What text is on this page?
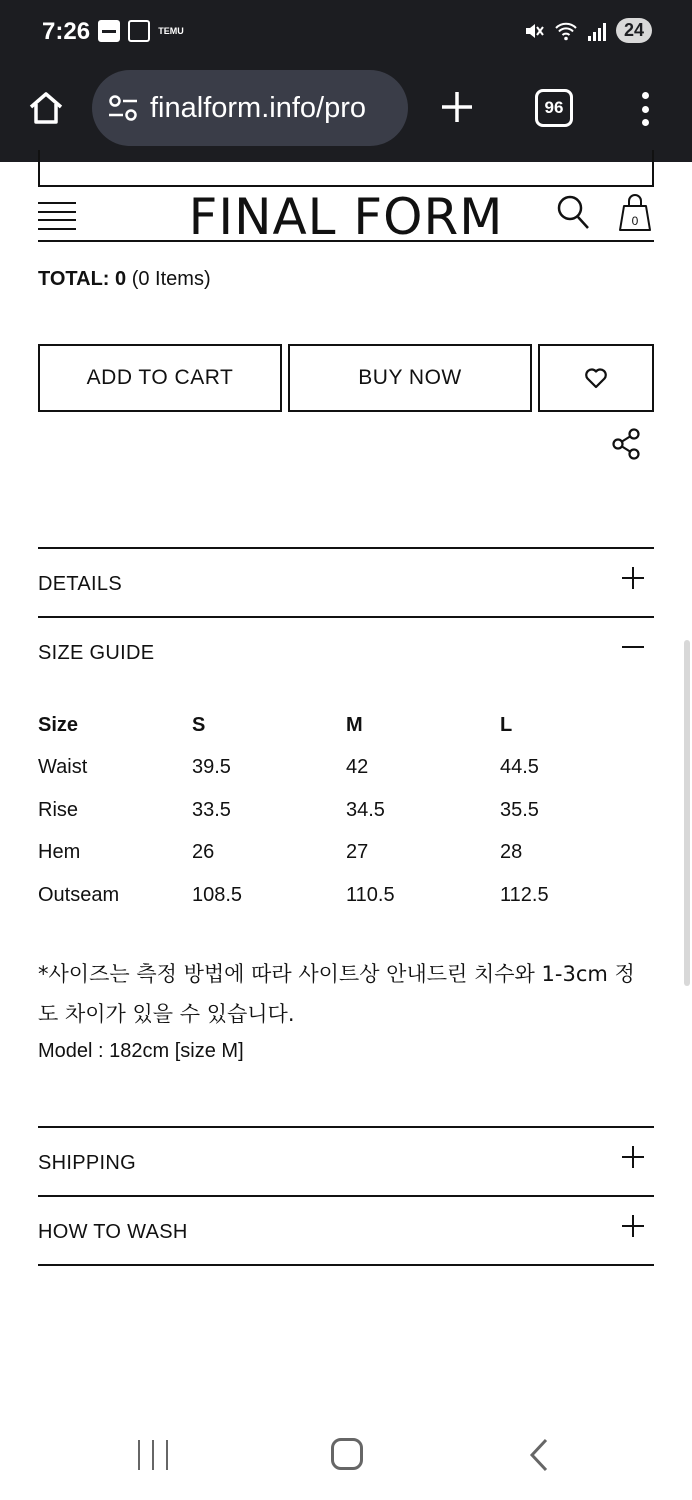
7:26	TEMU	24
finalform.info/pro	96
FINAL FORM	0
TOTAL: 0 (0 Items)
ADD TO CART	BUY NOW
DETAILS
SIZE GUIDE
Size	S	M	L
Waist	39.5	42	44.5
Rise	33.5	34.5	35.5
Hem	26	27	28
Outseam	108.5	110.5	112.5

*사이즈는 측정 방법에 따라 사이트상 안내드린 치수와 1-3cm 정도 차이가 있을 수 있습니다.

Model : 182cm [size M]

SHIPPING
HOW TO WASH
